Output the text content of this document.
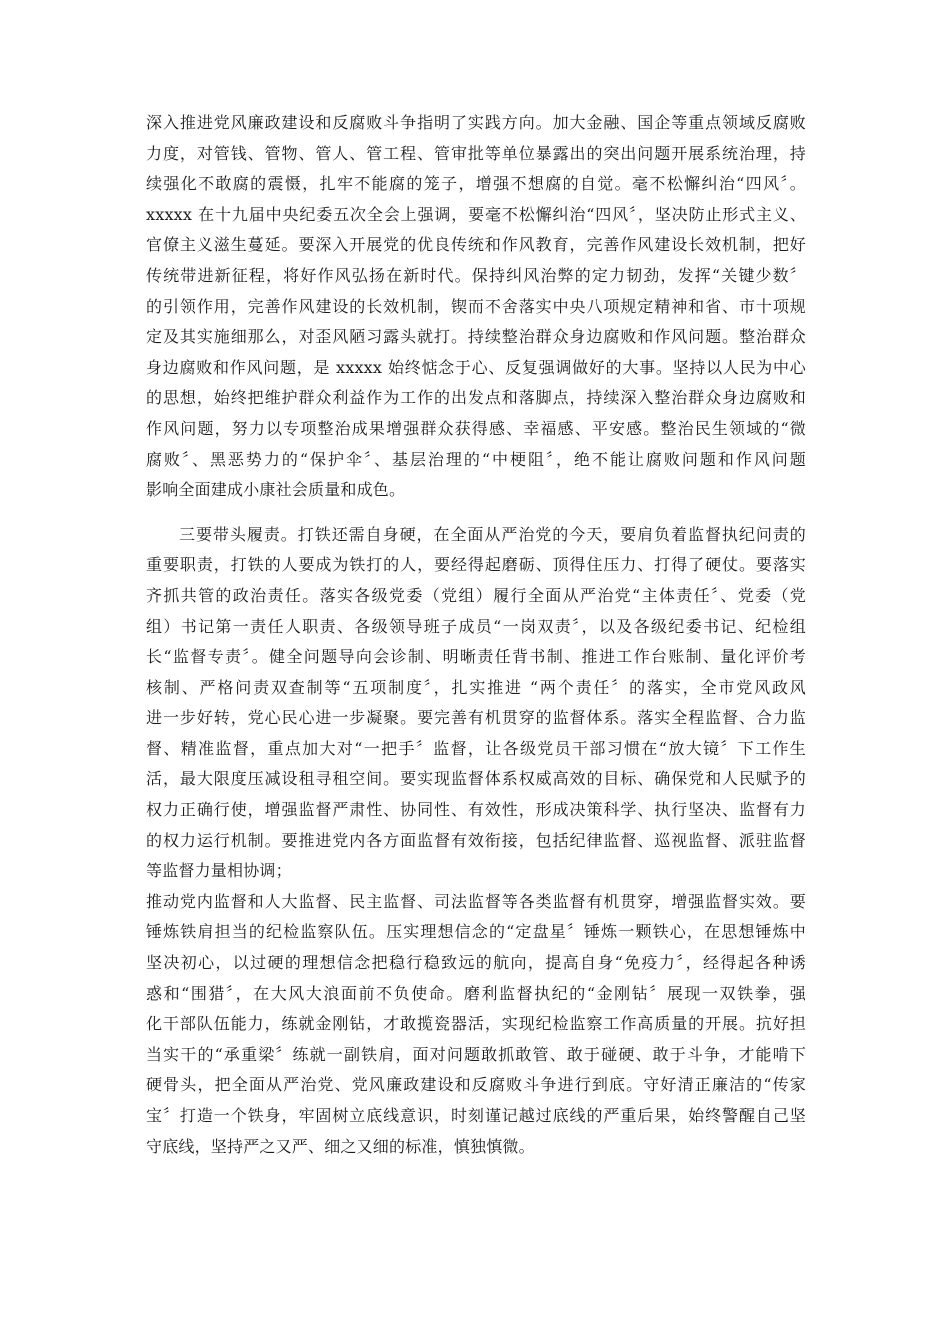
深入推进党风廉政建设和反腐败斗争指明了实践方向。加大金融、国企等重点领域反腐败
力度，对管钱、管物、管人、管工程、管审批等单位暴露出的突出问题开展系统治理，持
续强化不敢腐的震慑，扎牢不能腐的笼子，增强不想腐的自觉。毫不松懈纠治“四风〞。
xxxxx 在十九届中央纪委五次全会上强调，要毫不松懈纠治“四风〞，坚决防止形式主义、
官僚主义滋生蔓延。要深入开展党的优良传统和作风教育，完善作风建设长效机制，把好
传统带进新征程，将好作风弘扬在新时代。保持纠风治弊的定力韧劲，发挥“关键少数〞
的引领作用，完善作风建设的长效机制，锲而不舍落实中央八项规定精神和省、市十项规
定及其实施细那么，对歪风陋习露头就打。持续整治群众身边腐败和作风问题。整治群众
身边腐败和作风问题，是 xxxxx 始终惦念于心、反复强调做好的大事。坚持以人民为中心
的思想，始终把维护群众利益作为工作的出发点和落脚点，持续深入整治群众身边腐败和
作风问题，努力以专项整治成果增强群众获得感、幸福感、平安感。整治民生领域的“微
腐败〞、黑恶势力的“保护伞〞、基层治理的“中梗阻〞，绝不能让腐败问题和作风问题
影响全面建成小康社会质量和成色。
三要带头履责。打铁还需自身硬，在全面从严治党的今天，要肩负着监督执纪问责的
重要职责，打铁的人要成为铁打的人，要经得起磨砺、顶得住压力、打得了硬仗。要落实
齐抓共管的政治责任。落实各级党委（党组）履行全面从严治党“主体责任〞、党委（党
组）书记第一责任人职责、各级领导班子成员“一岗双责〞，以及各级纪委书记、纪检组
长“监督专责〞。健全问题导向会诊制、明晰责任背书制、推进工作台账制、量化评价考
核制、严格问责双查制等“五项制度〞，扎实推进 “两个责任〞的落实，全市党风政风
进一步好转，党心民心进一步凝聚。要完善有机贯穿的监督体系。落实全程监督、合力监
督、精准监督，重点加大对“一把手〞监督，让各级党员干部习惯在“放大镜〞下工作生
活，最大限度压减设租寻租空间。要实现监督体系权威高效的目标、确保党和人民赋予的
权力正确行使，增强监督严肃性、协同性、有效性，形成决策科学、执行坚决、监督有力
的权力运行机制。要推进党内各方面监督有效衔接，包括纪律监督、巡视监督、派驻监督
等监督力量相协调；
推动党内监督和人大监督、民主监督、司法监督等各类监督有机贯穿，增强监督实效。要
锤炼铁肩担当的纪检监察队伍。压实理想信念的“定盘星〞锤炼一颗铁心，在思想锤炼中
坚决初心，以过硬的理想信念把稳行稳致远的航向，提高自身“免疫力〞，经得起各种诱
惑和“围猎〞，在大风大浪面前不负使命。磨利监督执纪的“金刚钻〞展现一双铁拳，强
化干部队伍能力，练就金刚钻，才敢揽瓷器活，实现纪检监察工作高质量的开展。抗好担
当实干的“承重梁〞练就一副铁肩，面对问题敢抓敢管、敢于碰硬、敢于斗争，才能啃下
硬骨头，把全面从严治党、党风廉政建设和反腐败斗争进行到底。守好清正廉洁的“传家
宝〞打造一个铁身，牢固树立底线意识，时刻谨记越过底线的严重后果，始终警醒自己坚
守底线，坚持严之又严、细之又细的标准，慎独慎微。
